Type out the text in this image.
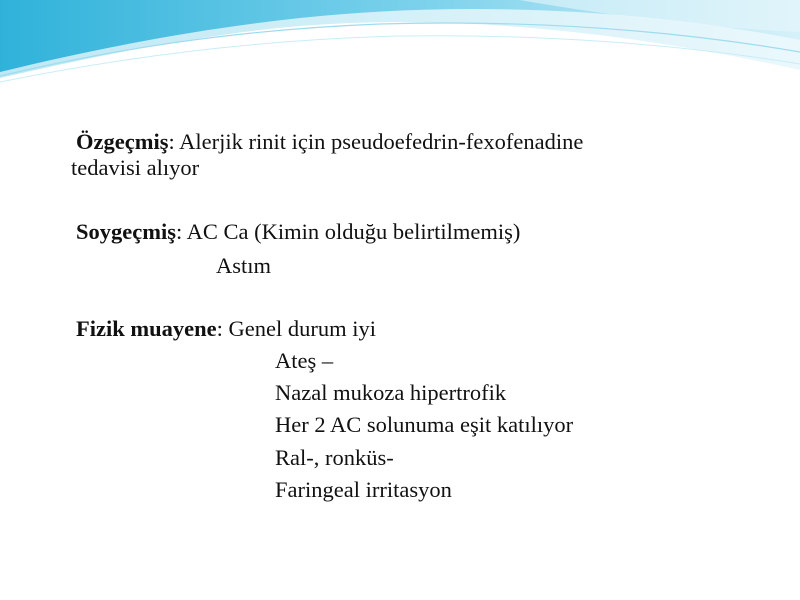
Özgeçmiş: Alerjik rinit için pseudoefedrin-fexofenadine
tedavisi alıyor
Soygeçmiş: AC Ca (Kimin olduğu belirtilmemiş)
Astım
Fizik muayene: Genel durum iyi
Ateş –
Nazal mukoza hipertrofik
Her 2 AC solunuma eşit katılıyor
Ral-, ronküs-
Faringeal irritasyon
